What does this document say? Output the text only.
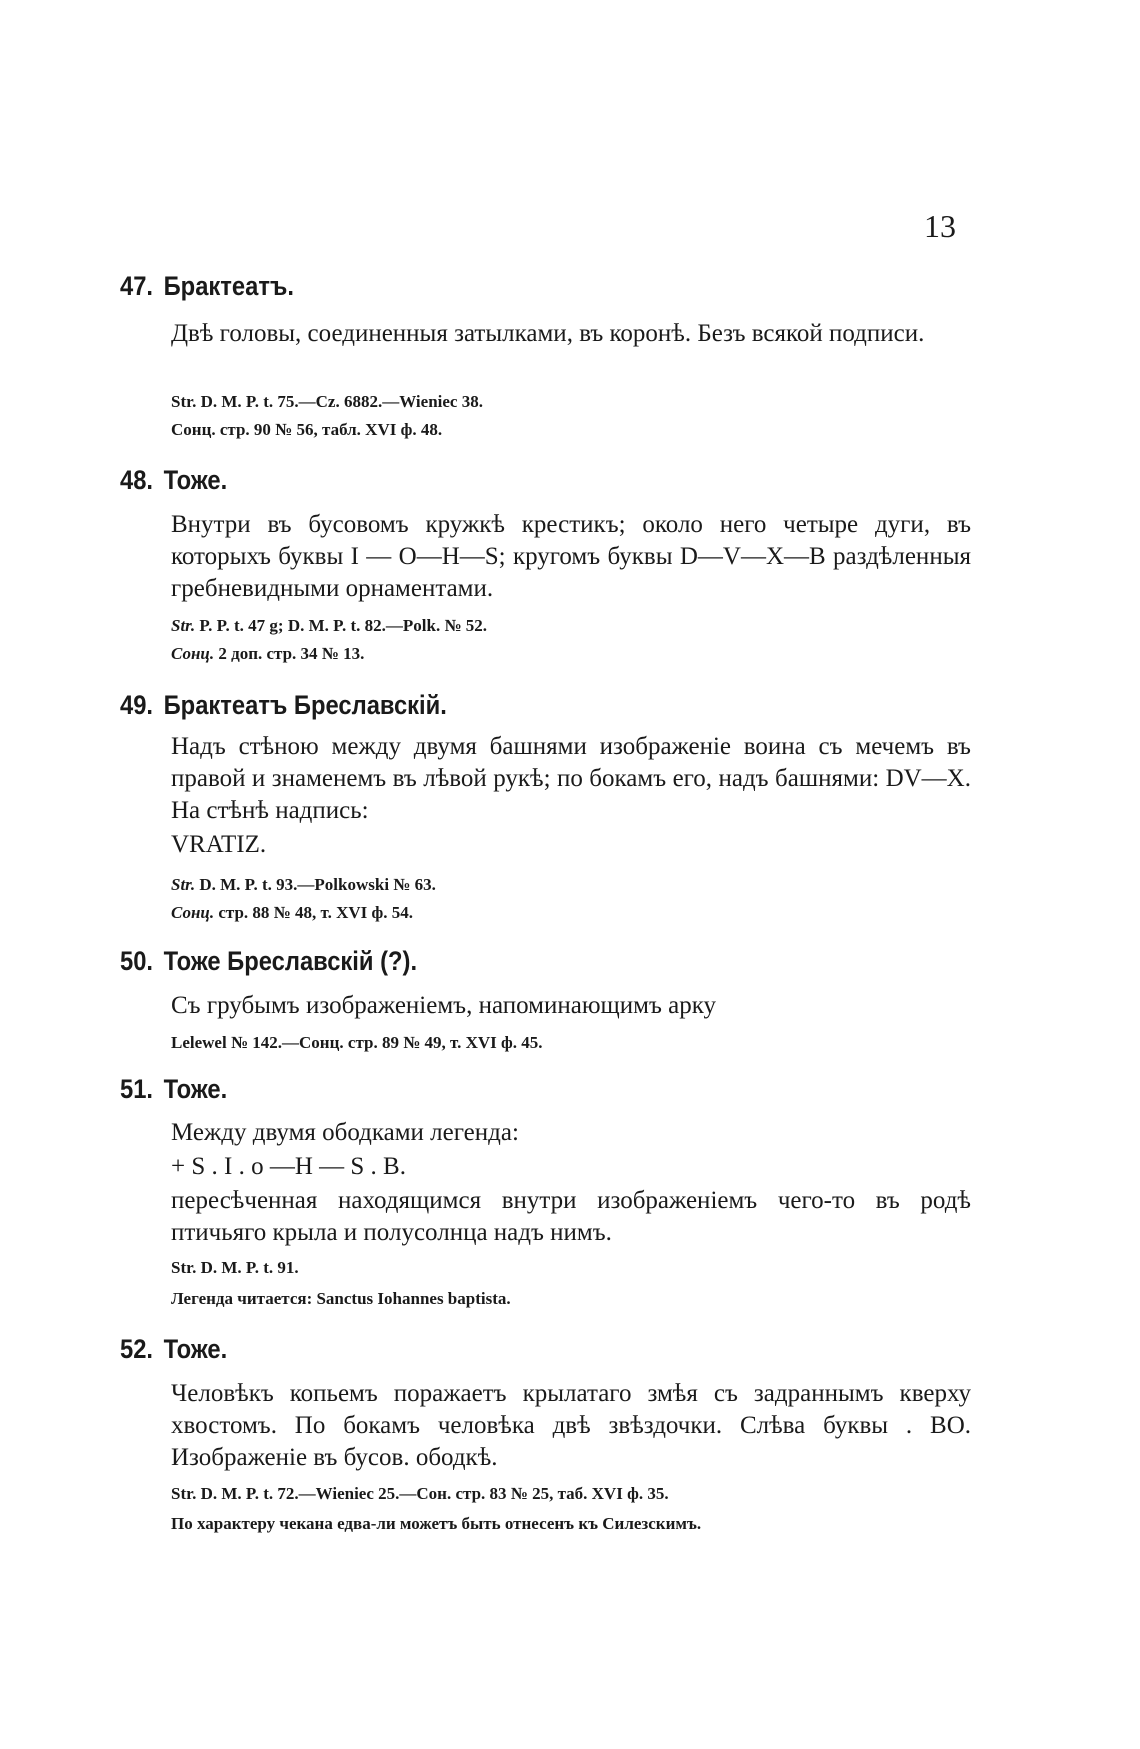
13
47. Брактеатъ.
Двѣ головы, соединенныя затылками, въ коронѣ. Безъ всякой подписи.
Str. D. M. P. t. 75.—Cz. 6882.—Wieniec 38.
Сонц. стр. 90 № 56, табл. XVI ф. 48.
48. Тоже.
Внутри въ бусовомъ кружкѣ крестикъ; около него четыре дуги, въ которыхъ буквы I — O—H—S; кругомъ буквы D—V—X—B раздѣленныя гребневидными орнаментами.
Str. P. P. t. 47 g; D. M. P. t. 82.—Polk. № 52.
Сонц. 2 доп. стр. 34 № 13.
49. Брактеатъ Бреславскій.
Надъ стѣною между двумя башнями изображеніе воина съ мечемъ въ правой и знаменемъ въ лѣвой рукѣ; по бокамъ его, надъ башнями: DV—X. На стѣнѣ надпись:
VRATIZ.
Str. D. M. P. t. 93.—Polkowski № 63.
Сонц. стр. 88 № 48, т. XVI ф. 54.
50. Тоже Бреславскій (?).
Съ грубымъ изображеніемъ, напоминающимъ арку
Lelewel № 142.—Сонц. стр. 89 № 49, т. XVI ф. 45.
51. Тоже.
Между двумя ободками легенда:
+ S . I . o —H — S . B.
пересѣченная находящимся внутри изображеніемъ чего-то въ родѣ птичьяго крыла и полусолнца надъ нимъ.
Str. D. M. P. t. 91.
Легенда читается: Sanctus Iohannes baptista.
52. Тоже.
Человѣкъ копьемъ поражаетъ крылатаго змѣя съ задраннымъ кверху хвостомъ. По бокамъ человѣка двѣ звѣздочки. Слѣва буквы . BO. Изображеніе въ бусов. ободкѣ.
Str. D. M. P. t. 72.—Wieniec 25.—Сон. стр. 83 № 25, таб. XVI ф. 35.
По характеру чекана едва-ли можетъ быть отнесенъ къ Силезскимъ.
